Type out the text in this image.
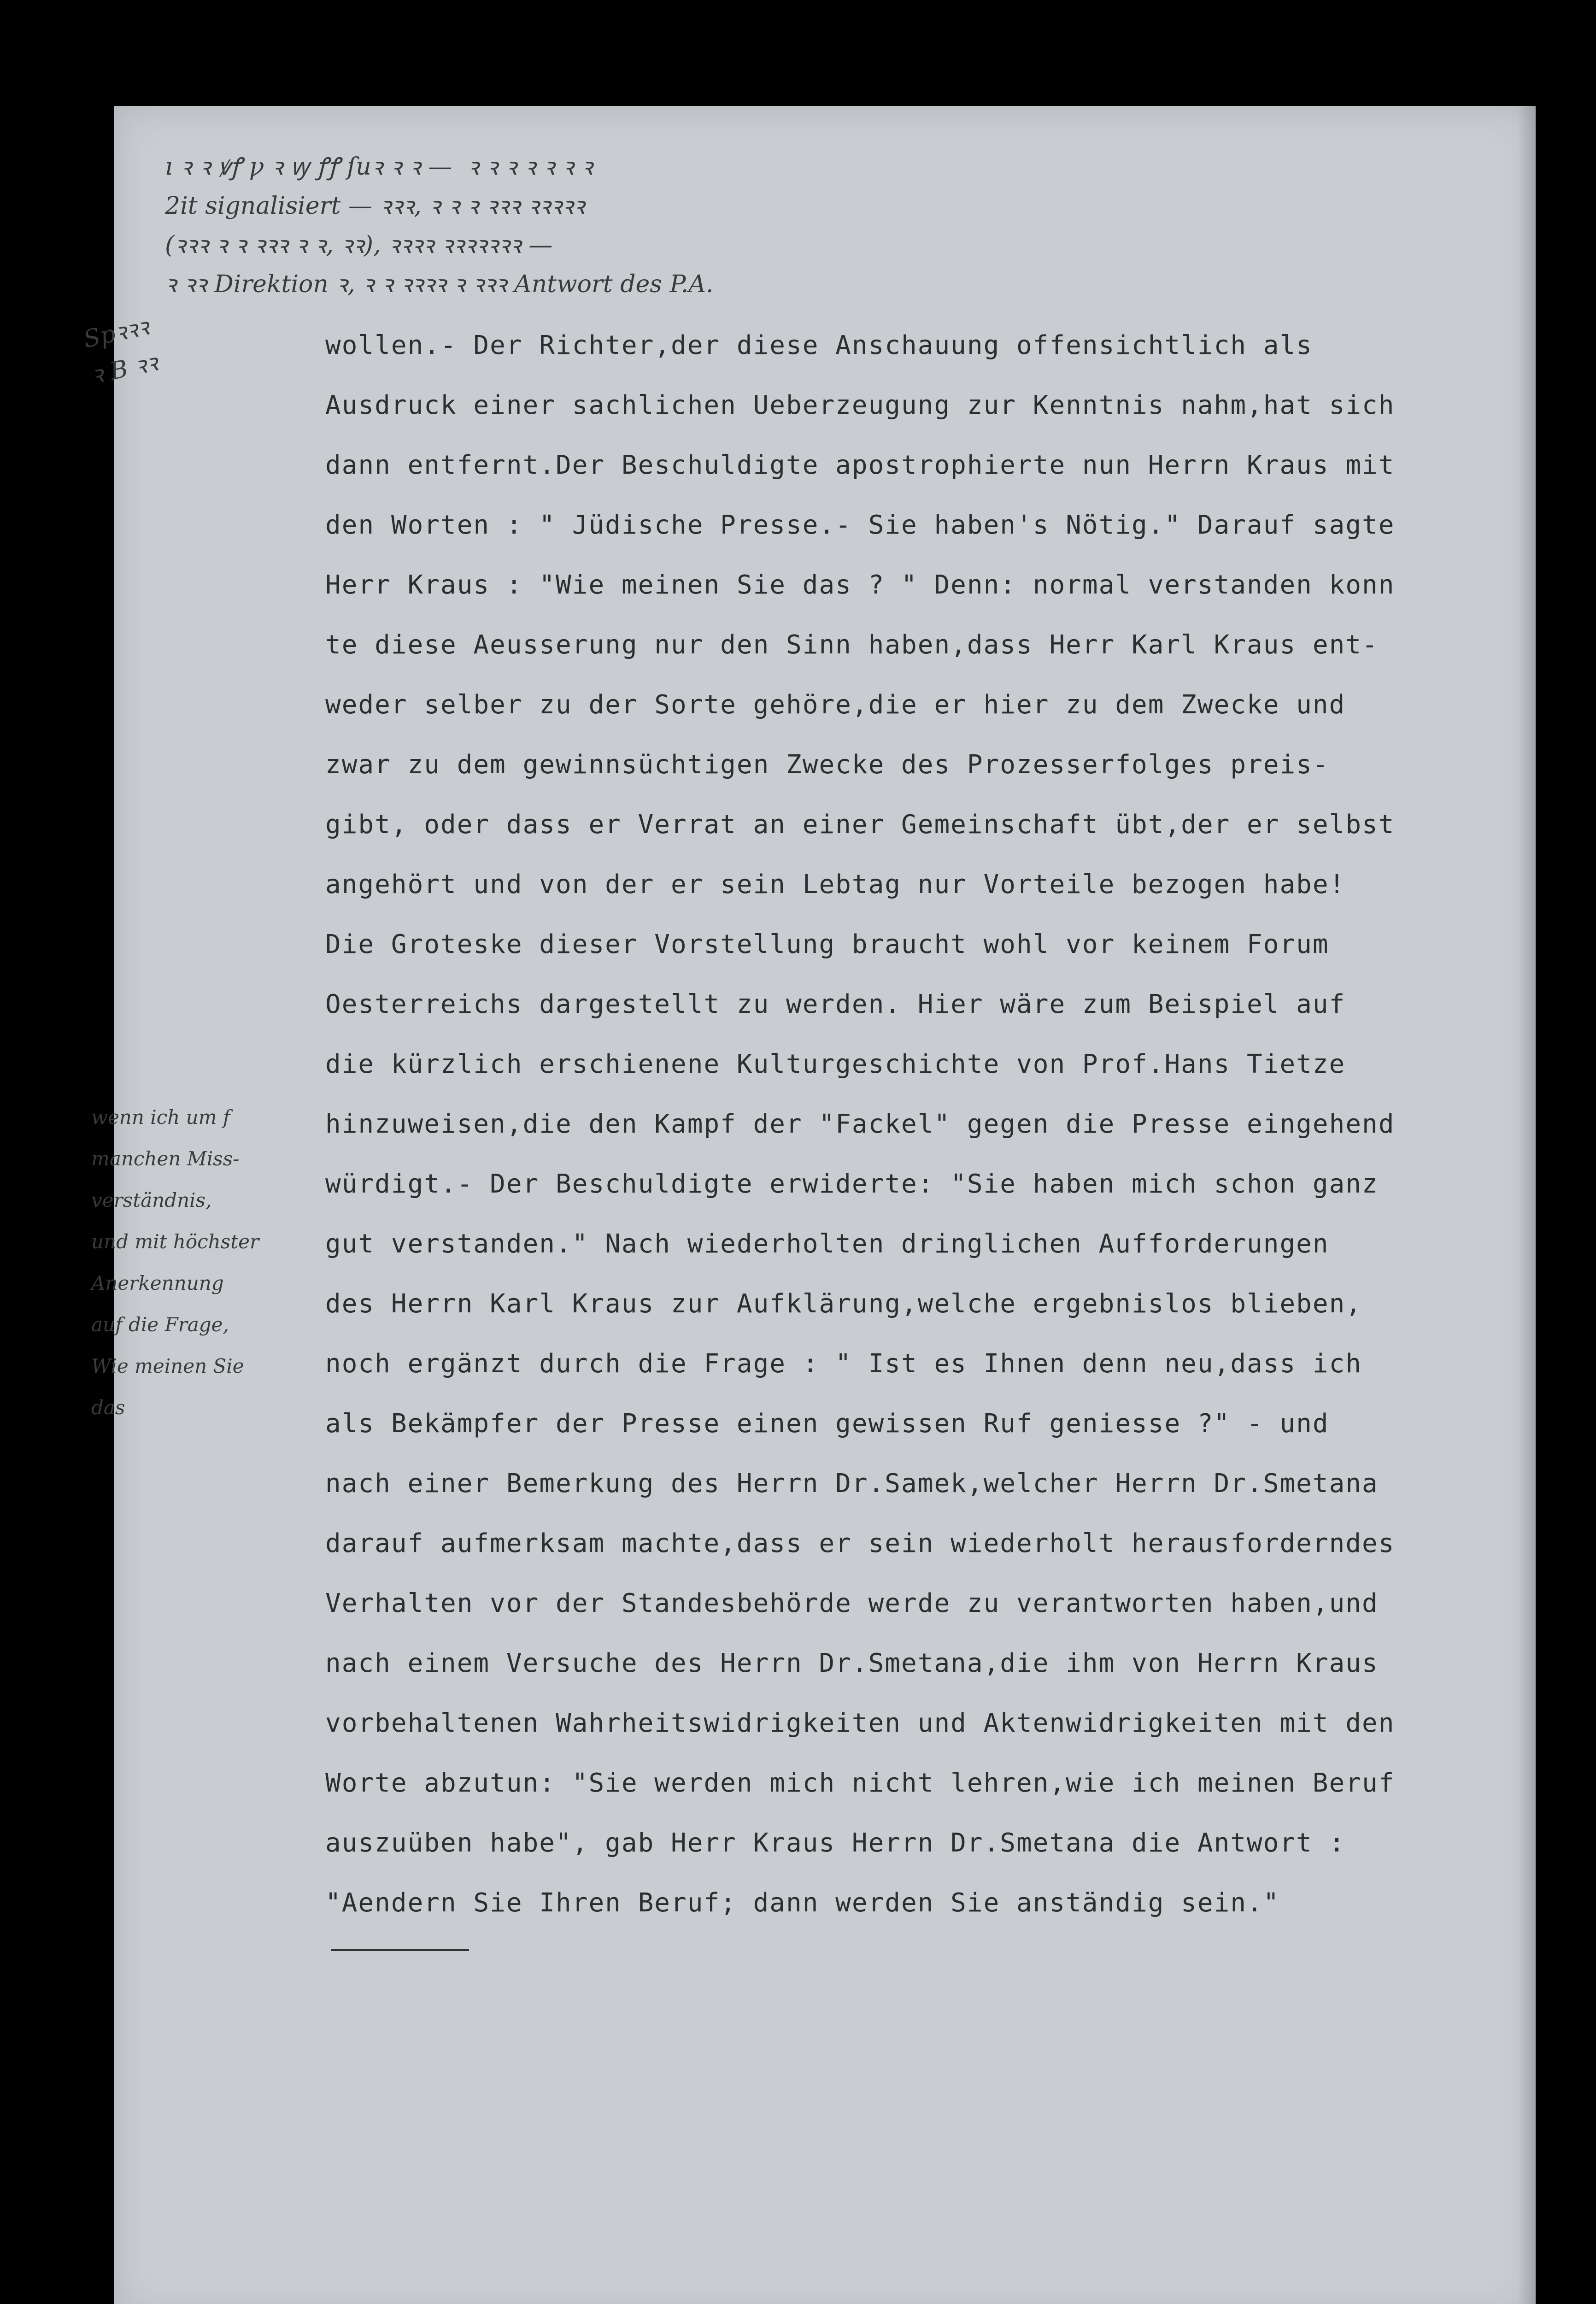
ı ꝛ ꝛ ꝟꝭ ꝩ ꝛ ꝡ ꝭꝭ ſuꝛ ꝛ ꝛ —  ꝛ ꝛ ꝛ ꝛ ꝛ ꝛ ꝛ
2it signalisiert — ꝛꝛꝛ, ꝛ ꝛ ꝛ ꝛꝛꝛ ꝛꝛꝛꝛꝛ
(ꝛꝛꝛ ꝛ ꝛ ꝛꝛꝛ ꝛ ꝛ, ꝛꝛ), ꝛꝛꝛꝛ ꝛꝛꝛꝛꝛꝛꝛ —
ꝛ ꝛꝛ Direktion ꝛ, ꝛ ꝛ ꝛꝛꝛꝛ ꝛ ꝛꝛꝛ Antwort des P.A.
Spꝛꝛꝛ
ꝛ B ꝛꝛ
wenn ich um f
manchen Miss-
verständnis,
und mit höchster
Anerkennung
auf die Frage,
Wie meinen Sie
das
wollen.- Der Richter,der diese Anschauung offensichtlich als
Ausdruck einer sachlichen Ueberzeugung zur Kenntnis nahm,hat sich
dann entfernt.Der Beschuldigte apostrophierte nun Herrn Kraus mit
den Worten : " Jüdische Presse.- Sie haben's Nötig." Darauf sagte
Herr Kraus : "Wie meinen Sie das ? " Denn: normal verstanden konn
te diese Aeusserung nur den Sinn haben,dass Herr Karl Kraus ent-
weder selber zu der Sorte gehöre,die er hier zu dem Zwecke und
zwar zu dem gewinnsüchtigen Zwecke des Prozesserfolges preis-
gibt, oder dass er Verrat an einer Gemeinschaft übt,der er selbst
angehört und von der er sein Lebtag nur Vorteile bezogen habe!
Die Groteske dieser Vorstellung braucht wohl vor keinem Forum
Oesterreichs dargestellt zu werden. Hier wäre zum Beispiel auf
die kürzlich erschienene Kulturgeschichte von Prof.Hans Tietze
hinzuweisen,die den Kampf der "Fackel" gegen die Presse eingehend
würdigt.- Der Beschuldigte erwiderte: "Sie haben mich schon ganz
gut verstanden." Nach wiederholten dringlichen Aufforderungen
des Herrn Karl Kraus zur Aufklärung,welche ergebnislos blieben,
noch ergänzt durch die Frage : " Ist es Ihnen denn neu,dass ich
als Bekämpfer der Presse einen gewissen Ruf geniesse ?" - und
nach einer Bemerkung des Herrn Dr.Samek,welcher Herrn Dr.Smetana
darauf aufmerksam machte,dass er sein wiederholt herausforderndes
Verhalten vor der Standesbehörde werde zu verantworten haben,und
nach einem Versuche des Herrn Dr.Smetana,die ihm von Herrn Kraus
vorbehaltenen Wahrheitswidrigkeiten und Aktenwidrigkeiten mit den
Worte abzutun: "Sie werden mich nicht lehren,wie ich meinen Beruf
auszuüben habe", gab Herr Kraus Herrn Dr.Smetana die Antwort :
"Aendern Sie Ihren Beruf; dann werden Sie anständig sein."
